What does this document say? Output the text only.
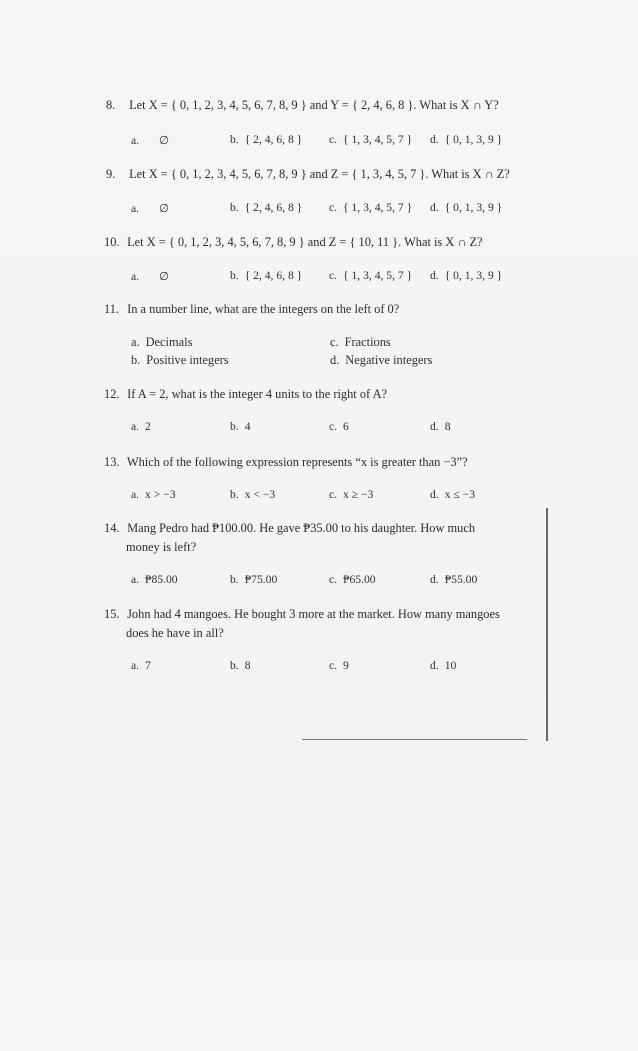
8. Let X = { 0, 1, 2, 3, 4, 5, 6, 7, 8, 9 } and Y = { 2, 4, 6, 8 }. What is X ∩ Y?
a. ∅	b. { 2, 4, 6, 8 } c. { 1, 3, 4, 5, 7 } d. { 0, 1, 3, 9 }
9. Let X = { 0, 1, 2, 3, 4, 5, 6, 7, 8, 9 } and Z = { 1, 3, 4, 5, 7 }. What is X ∩ Z?
a. ∅	b. { 2, 4, 6, 8 } c. { 1, 3, 4, 5, 7 } d. { 0, 1, 3, 9 }
10. Let X = { 0, 1, 2, 3, 4, 5, 6, 7, 8, 9 } and Z = { 10, 11 }. What is X ∩ Z?
a. ∅	b. { 2, 4, 6, 8 } c. { 1, 3, 4, 5, 7 } d. { 0, 1, 3, 9 }
11. In a number line, what are the integers on the left of 0?
a. Decimals
b. Positive integers
c. Fractions
d. Negative integers
12. If A = 2, what is the integer 4 units to the right of A?
a. 2	b. 4	c. 6	d. 8
13. Which of the following expression represents “x is greater than −3”?
a. x > −3	b. x < −3	c. x ≥ −3	d. x ≤ −3
14. Mang Pedro had ₱100.00. He gave ₱35.00 to his daughter. How much
money is left?
a. ₱85.00	b. ₱75.00	c. ₱65.00	d. ₱55.00
15. John had 4 mangoes. He bought 3 more at the market. How many mangoes
does he have in all?
a. 7	b. 8	c. 9	d. 10
